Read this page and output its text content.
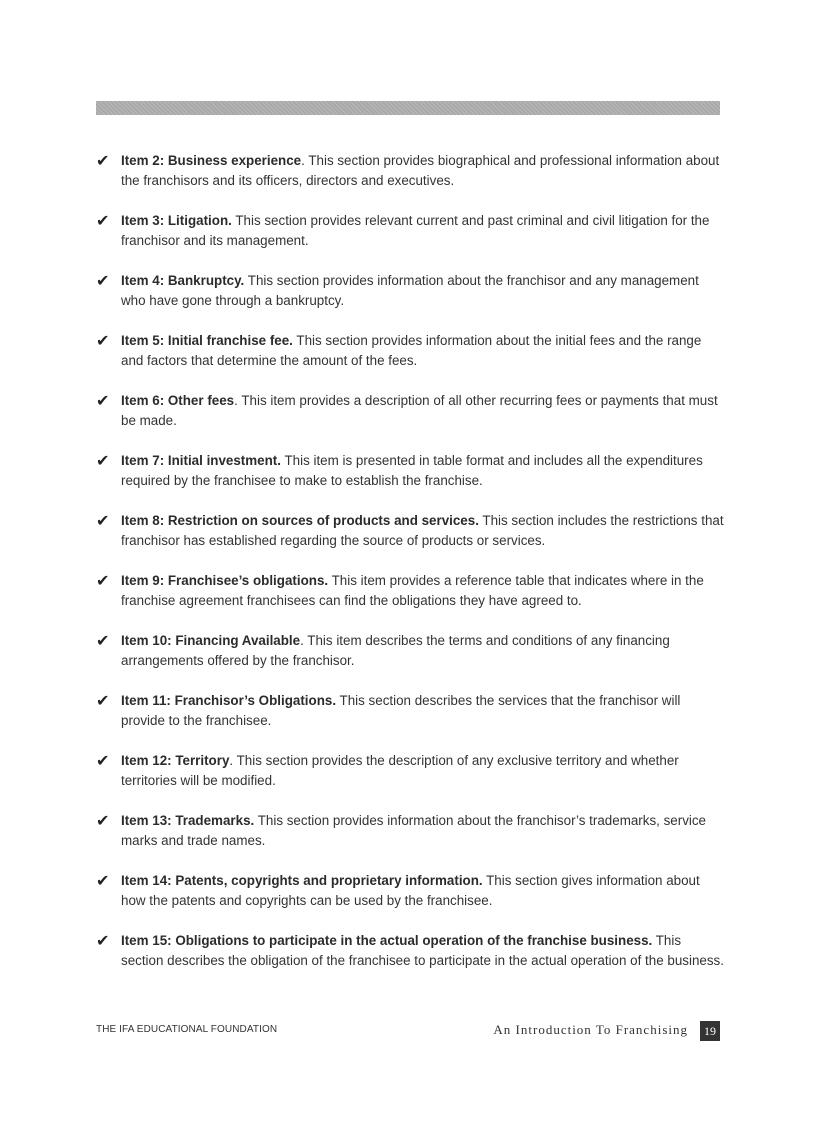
✔ Item 2: Business experience. This section provides biographical and professional information about the franchisors and its officers, directors and executives.
✔ Item 3: Litigation. This section provides relevant current and past criminal and civil litigation for the franchisor and its management.
✔ Item 4: Bankruptcy. This section provides information about the franchisor and any management who have gone through a bankruptcy.
✔ Item 5: Initial franchise fee. This section provides information about the initial fees and the range and factors that determine the amount of the fees.
✔ Item 6: Other fees. This item provides a description of all other recurring fees or payments that must be made.
✔ Item 7: Initial investment. This item is presented in table format and includes all the expenditures required by the franchisee to make to establish the franchise.
✔ Item 8: Restriction on sources of products and services. This section includes the restrictions that franchisor has established regarding the source of products or services.
✔ Item 9: Franchisee’s obligations. This item provides a reference table that indicates where in the franchise agreement franchisees can find the obligations they have agreed to.
✔ Item 10: Financing Available. This item describes the terms and conditions of any financing arrangements offered by the franchisor.
✔ Item 11: Franchisor’s Obligations. This section describes the services that the franchisor will provide to the franchisee.
✔ Item 12: Territory. This section provides the description of any exclusive territory and whether territories will be modified.
✔ Item 13: Trademarks. This section provides information about the franchisor’s trademarks, service marks and trade names.
✔ Item 14: Patents, copyrights and proprietary information. This section gives information about how the patents and copyrights can be used by the franchisee.
✔ Item 15: Obligations to participate in the actual operation of the franchise business. This section describes the obligation of the franchisee to participate in the actual operation of the business.
THE IFA EDUCATIONAL FOUNDATION	An Introduction To Franchising	19
